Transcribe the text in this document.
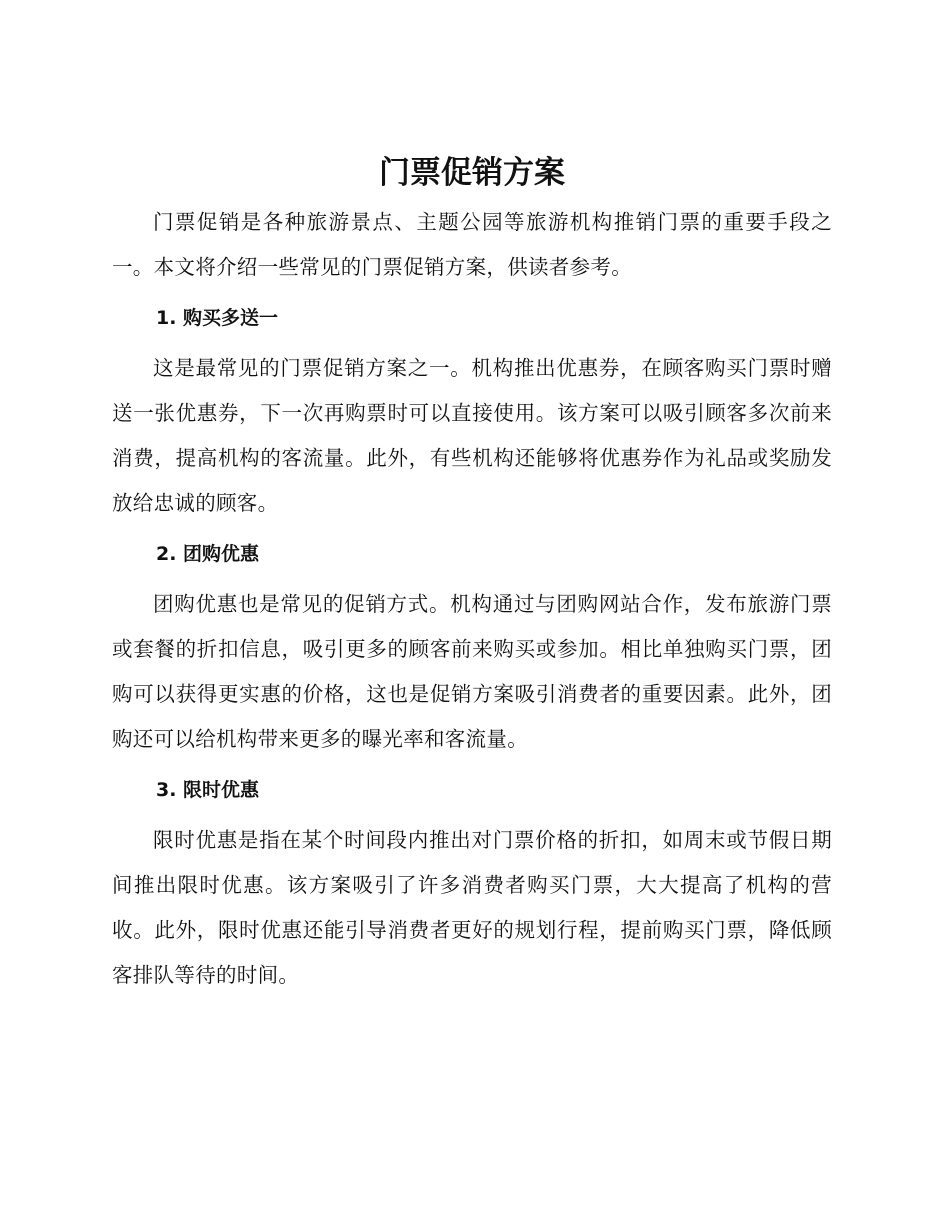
门票促销方案

门票促销是各种旅游景点、主题公园等旅游机构推销门票的重要手段之一。本文将介绍一些常见的门票促销方案，供读者参考。

1. 购买多送一

这是最常见的门票促销方案之一。机构推出优惠券，在顾客购买门票时赠送一张优惠券，下一次再购票时可以直接使用。该方案可以吸引顾客多次前来消费，提高机构的客流量。此外，有些机构还能够将优惠券作为礼品或奖励发放给忠诚的顾客。

2. 团购优惠

团购优惠也是常见的促销方式。机构通过与团购网站合作，发布旅游门票或套餐的折扣信息，吸引更多的顾客前来购买或参加。相比单独购买门票，团购可以获得更实惠的价格，这也是促销方案吸引消费者的重要因素。此外，团购还可以给机构带来更多的曝光率和客流量。

3. 限时优惠

限时优惠是指在某个时间段内推出对门票价格的折扣，如周末或节假日期间推出限时优惠。该方案吸引了许多消费者购买门票，大大提高了机构的营收。此外，限时优惠还能引导消费者更好的规划行程，提前购买门票，降低顾客排队等待的时间。
